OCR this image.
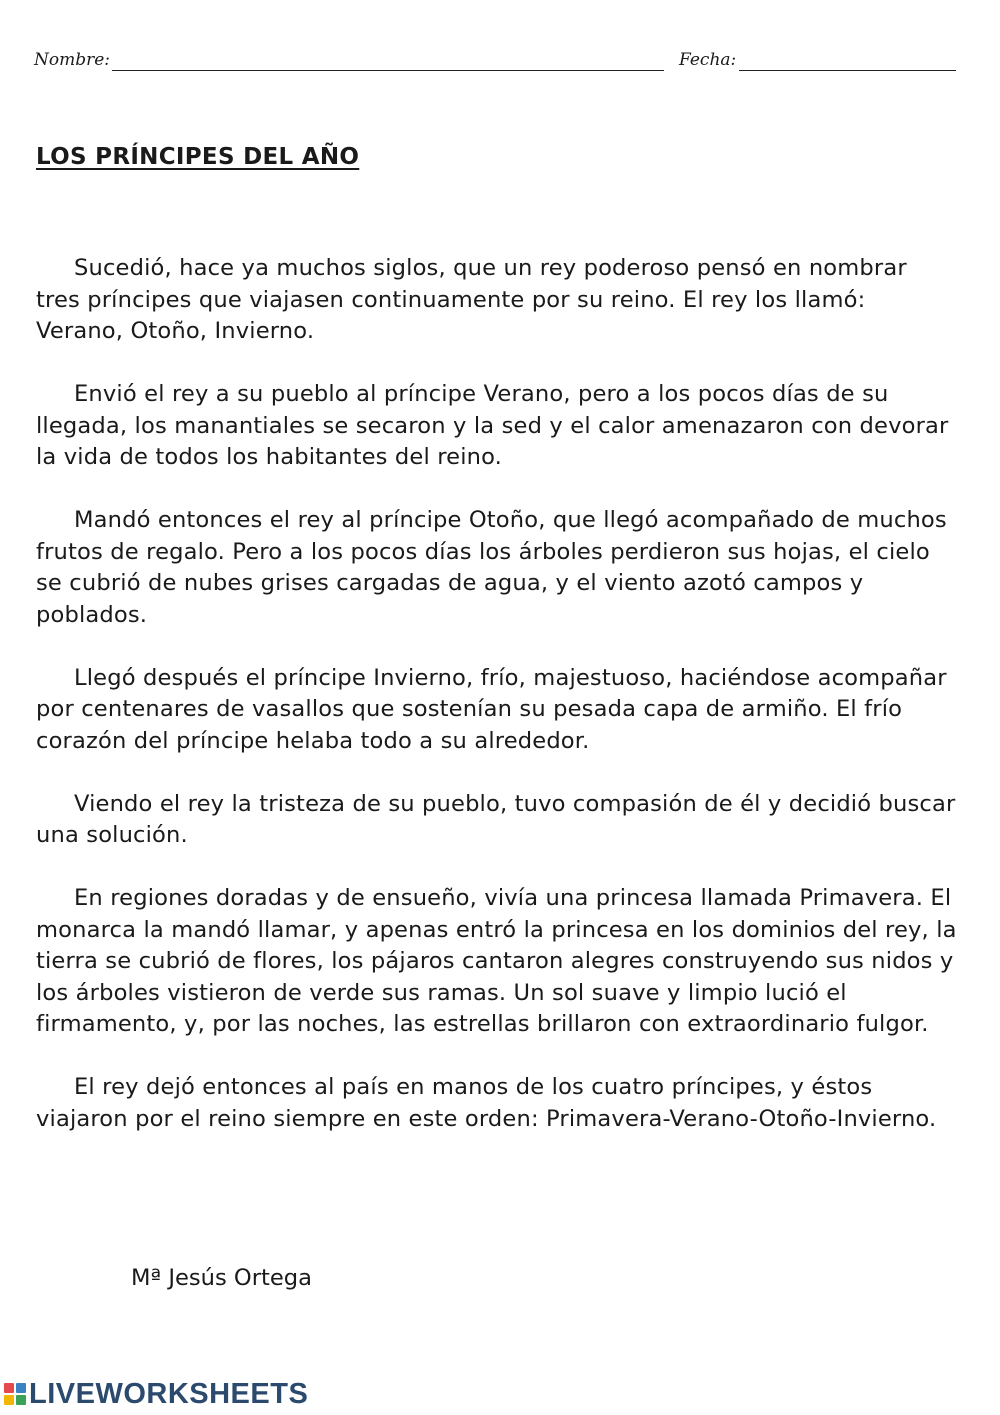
Nombre:	Fecha:
LOS PRÍNCIPES DEL AÑO

Sucedió, hace ya muchos siglos, que un rey poderoso pensó en nombrar tres príncipes que viajasen continuamente por su reino. El rey los llamó: Verano, Otoño, Invierno.

Envió el rey a su pueblo al príncipe Verano, pero a los pocos días de su llegada, los manantiales se secaron y la sed y el calor amenazaron con devorar la vida de todos los habitantes del reino.

Mandó entonces el rey al príncipe Otoño, que llegó acompañado de muchos frutos de regalo. Pero a los pocos días los árboles perdieron sus hojas, el cielo se cubrió de nubes grises cargadas de agua, y el viento azotó campos y poblados.

Llegó después el príncipe Invierno, frío, majestuoso, haciéndose acompañar por centenares de vasallos que sostenían su pesada capa de armiño. El frío corazón del príncipe helaba todo a su alrededor.

Viendo el rey la tristeza de su pueblo, tuvo compasión de él y decidió buscar una solución.

En regiones doradas y de ensueño, vivía una princesa llamada Primavera. El monarca la mandó llamar, y apenas entró la princesa en los dominios del rey, la tierra se cubrió de flores, los pájaros cantaron alegres construyendo sus nidos y los árboles vistieron de verde sus ramas. Un sol suave y limpio lució el firmamento, y, por las noches, las estrellas brillaron con extraordinario fulgor.

El rey dejó entonces al país en manos de los cuatro príncipes, y éstos viajaron por el reino siempre en este orden: Primavera-Verano-Otoño-Invierno.

Mª Jesús Ortega
LIVEWORKSHEETS
